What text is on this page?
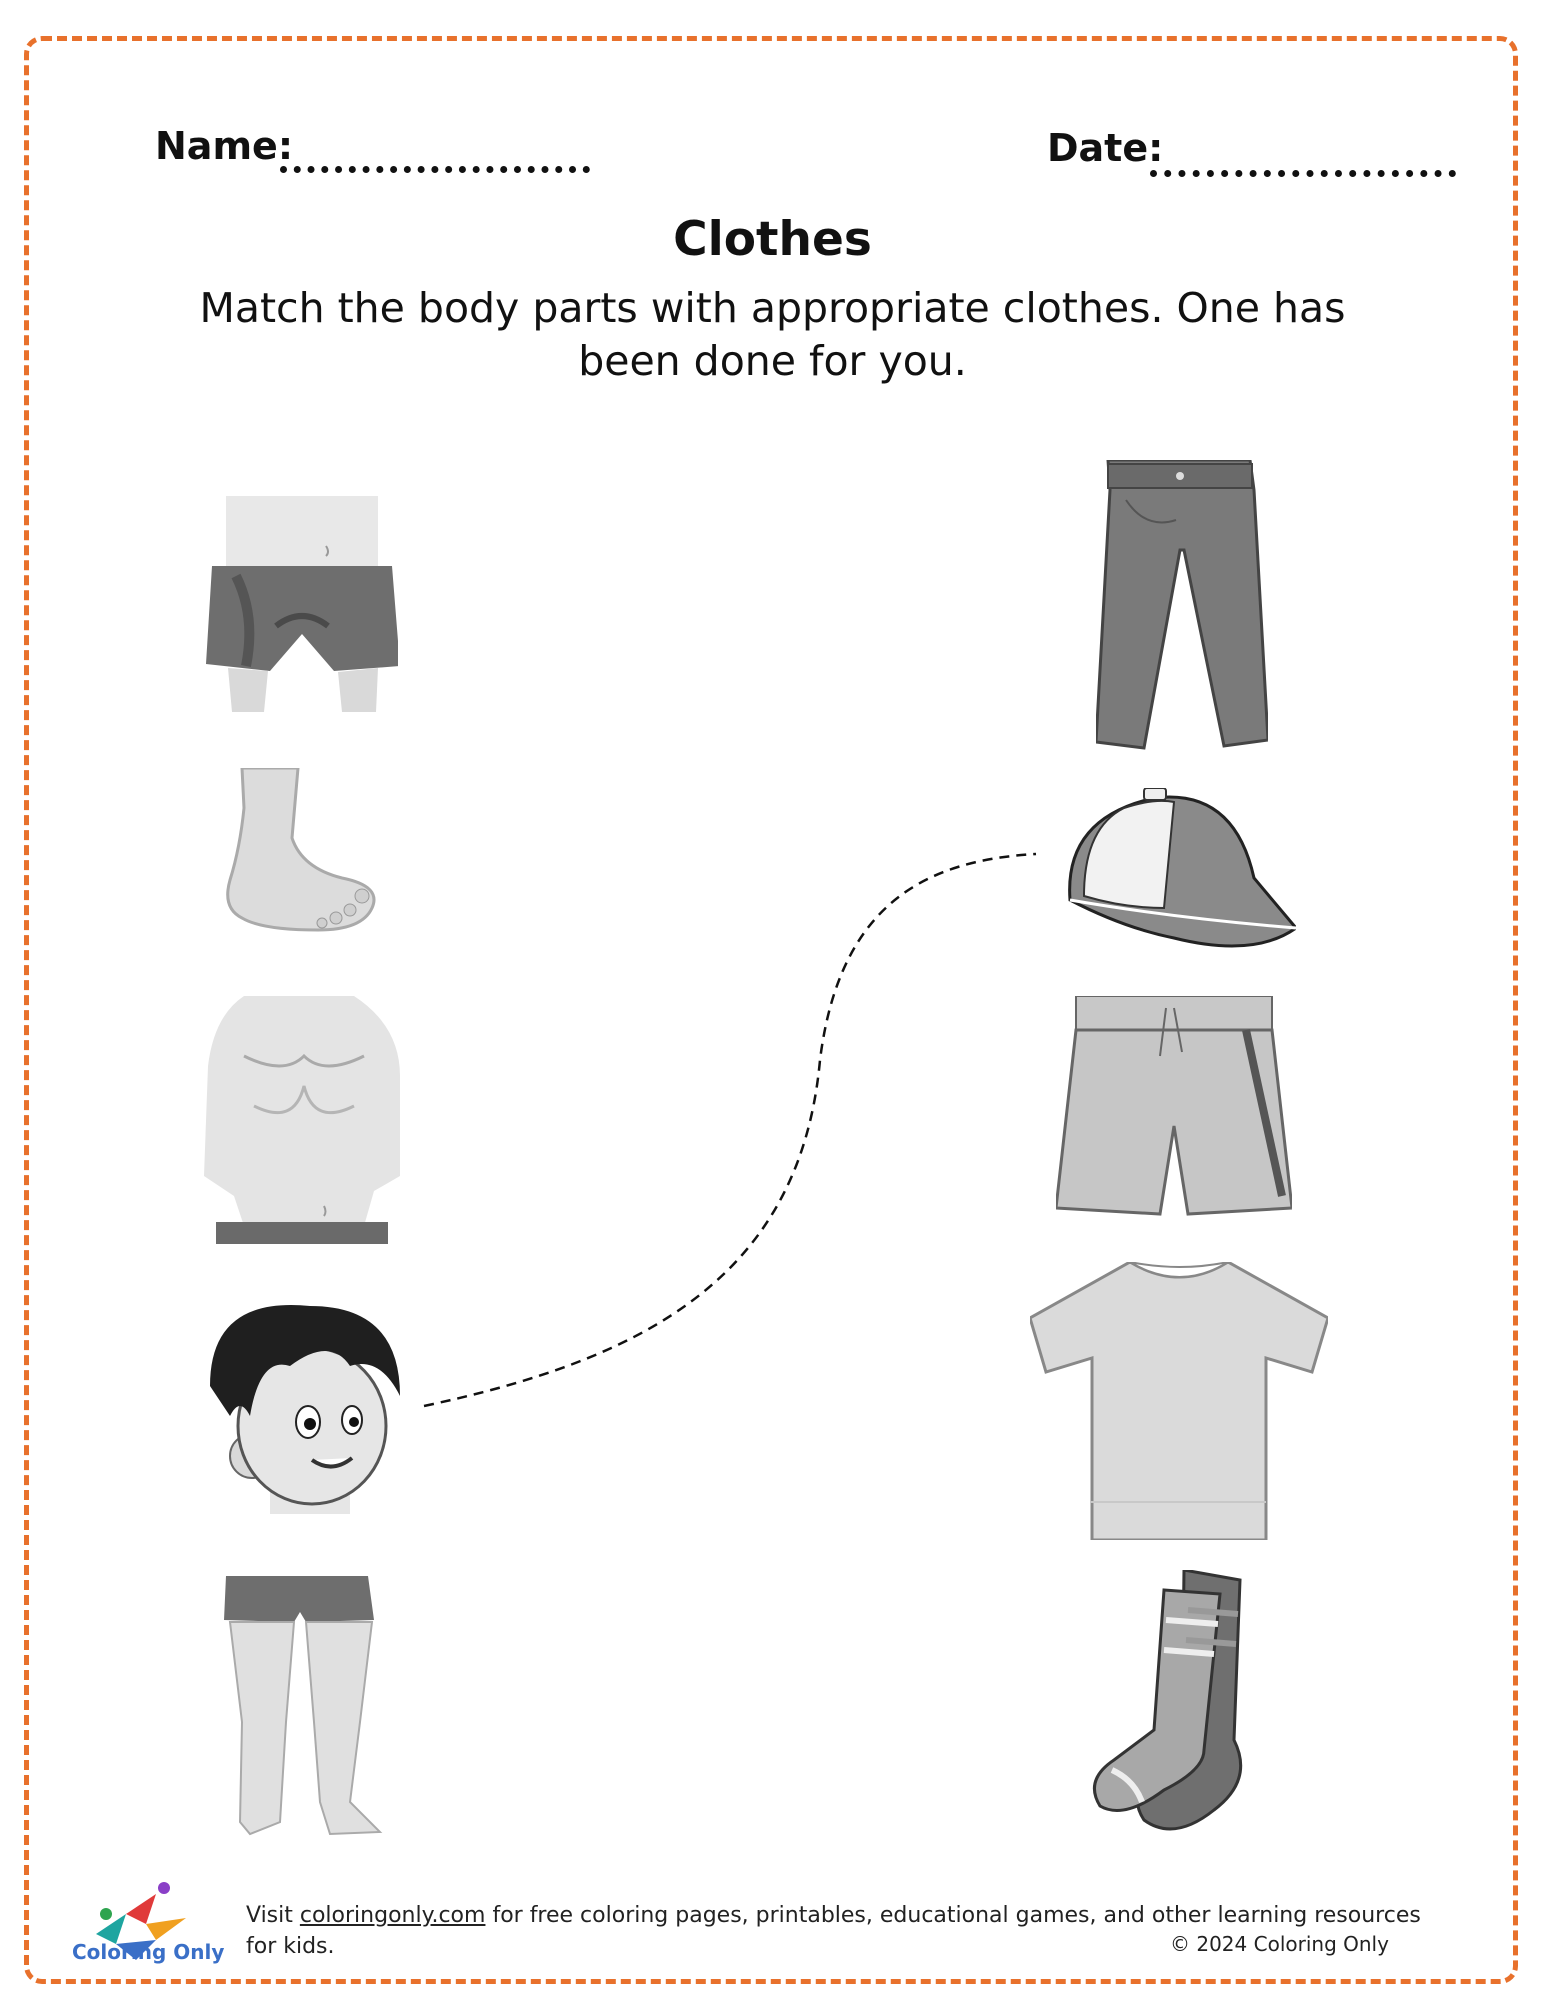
Name:	Date:
Clothes
Match the body parts with appropriate clothes. One has been done for you.
Coloring Only
Visit coloringonly.com for free coloring pages, printables, educational games, and other learning resources for kids.	© 2024 Coloring Only
